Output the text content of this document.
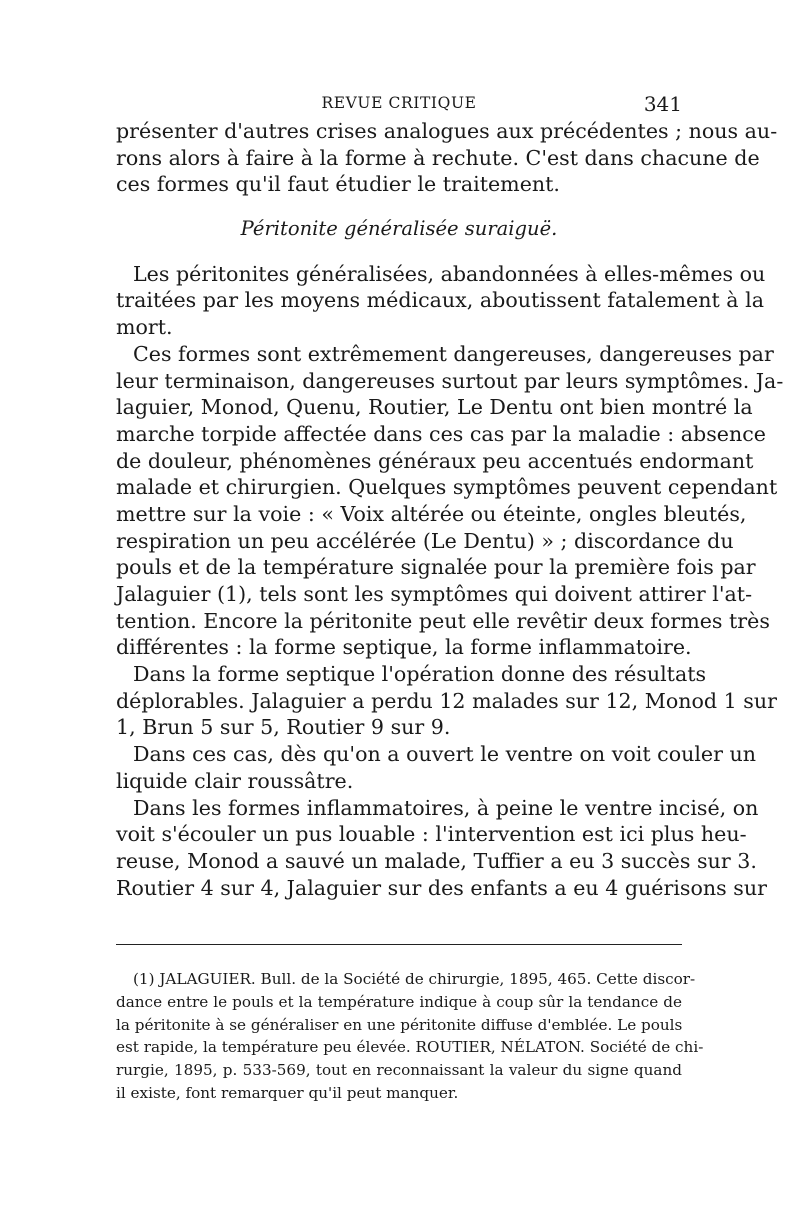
REVUE CRITIQUE	341
présenter d'autres crises analogues aux précédentes ; nous au-
rons alors à faire à la forme à rechute. C'est dans chacune de
ces formes qu'il faut étudier le traitement.
Péritonite généralisée suraiguë.
Les péritonites généralisées, abandonnées à elles-mêmes ou
traitées par les moyens médicaux, aboutissent fatalement à la
mort.
Ces formes sont extrêmement dangereuses, dangereuses par
leur terminaison, dangereuses surtout par leurs symptômes. Ja-
laguier, Monod, Quenu, Routier, Le Dentu ont bien montré la
marche torpide affectée dans ces cas par la maladie : absence
de douleur, phénomènes généraux peu accentués endormant
malade et chirurgien. Quelques symptômes peuvent cependant
mettre sur la voie : « Voix altérée ou éteinte, ongles bleutés,
respiration un peu accélérée (Le Dentu) » ; discordance du
pouls et de la température signalée pour la première fois par
Jalaguier (1), tels sont les symptômes qui doivent attirer l'at-
tention. Encore la péritonite peut elle revêtir deux formes très
différentes : la forme septique, la forme inflammatoire.
Dans la forme septique l'opération donne des résultats
déplorables. Jalaguier a perdu 12 malades sur 12, Monod 1 sur
1, Brun 5 sur 5, Routier 9 sur 9.
Dans ces cas, dès qu'on a ouvert le ventre on voit couler un
liquide clair roussâtre.
Dans les formes inflammatoires, à peine le ventre incisé, on
voit s'écouler un pus louable : l'intervention est ici plus heu-
reuse, Monod a sauvé un malade, Tuffier a eu 3 succès sur 3.
Routier 4 sur 4, Jalaguier sur des enfants a eu 4 guérisons sur
(1) JALAGUIER. Bull. de la Société de chirurgie, 1895, 465. Cette discor-
dance entre le pouls et la température indique à coup sûr la tendance de
la péritonite à se généraliser en une péritonite diffuse d'emblée. Le pouls
est rapide, la température peu élevée. ROUTIER, NÉLATON. Société de chi-
rurgie, 1895, p. 533-569, tout en reconnaissant la valeur du signe quand
il existe, font remarquer qu'il peut manquer.
